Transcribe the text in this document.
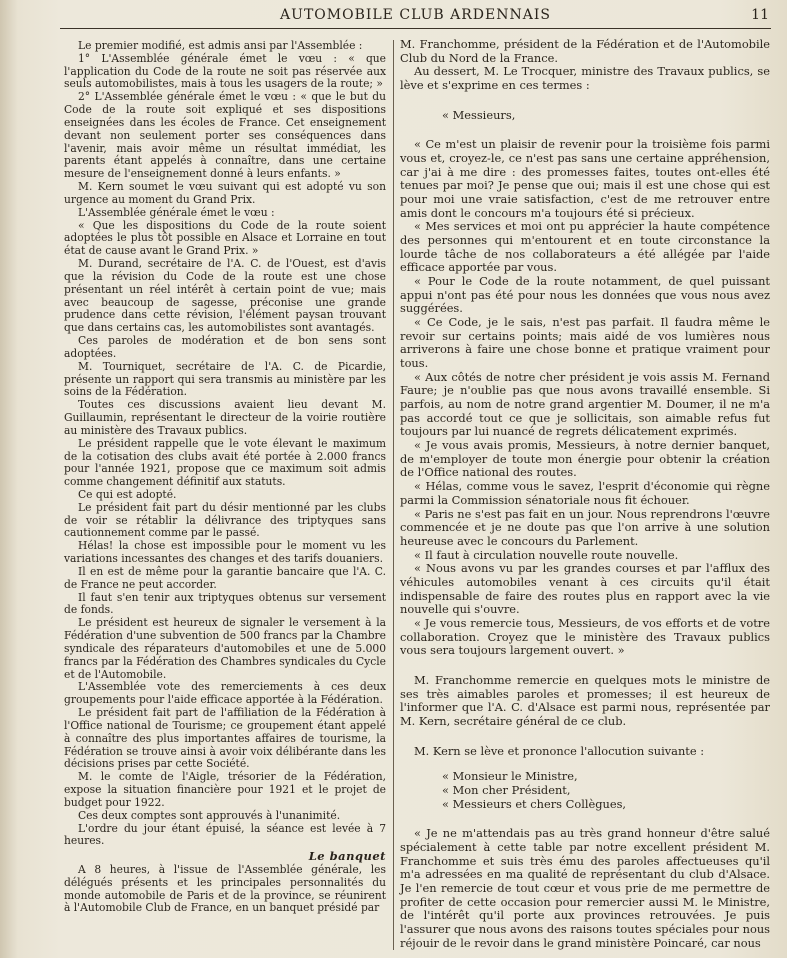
AUTOMOBILE CLUB ARDENNAIS	11

Le premier modifié, est admis ansi par l'Assemblée :

1° L'Assemblée générale émet le vœu : « que l'application du Code de la route ne soit pas réservée aux seuls automobilistes, mais à tous les usagers de la route; »

2° L'Assemblée générale émet le vœu : « que le but du Code de la route soit expliqué et ses dispositions enseignées dans les écoles de France. Cet enseignement devant non seulement porter ses conséquences dans l'avenir, mais avoir même un résultat immédiat, les parents étant appelés à connaître, dans une certaine mesure de l'enseignement donné à leurs enfants. »

M. Kern soumet le vœu suivant qui est adopté vu son urgence au moment du Grand Prix.

L'Assemblée générale émet le vœu :

« Que les dispositions du Code de la route soient adoptées le plus tôt possible en Alsace et Lorraine en tout état de cause avant le Grand Prix. »

M. Durand, secrétaire de l'A. C. de l'Ouest, est d'avis que la révision du Code de la route est une chose présentant un réel intérêt à certain point de vue; mais avec beaucoup de sagesse, préconise une grande prudence dans cette révision, l'élément paysan trouvant que dans certains cas, les automobilistes sont avantagés.

Ces paroles de modération et de bon sens sont adoptées.

M. Tourniquet, secrétaire de l'A. C. de Picardie, présente un rapport qui sera transmis au ministère par les soins de la Fédération.

Toutes ces discussions avaient lieu devant M. Guillaumin, représentant le directeur de la voirie routière au ministère des Travaux publics.

Le président rappelle que le vote élevant le maximum de la cotisation des clubs avait été portée à 2.000 francs pour l'année 1921, propose que ce maximum soit admis comme changement définitif aux statuts.

Ce qui est adopté.

Le président fait part du désir mentionné par les clubs de voir se rétablir la délivrance des triptyques sans cautionnement comme par le passé.

Hélas! la chose est impossible pour le moment vu les variations incessantes des changes et des tarifs douaniers.

Il en est de même pour la garantie bancaire que l'A. C. de France ne peut accorder.

Il faut s'en tenir aux triptyques obtenus sur versement de fonds.

Le président est heureux de signaler le versement à la Fédération d'une subvention de 500 francs par la Chambre syndicale des réparateurs d'automobiles et une de 5.000 francs par la Fédération des Chambres syndicales du Cycle et de l'Automobile.

L'Assemblée vote des remerciements à ces deux groupements pour l'aide efficace apportée à la Fédération.

Le président fait part de l'affiliation de la Fédération à l'Office national de Tourisme; ce groupement étant appelé à connaître des plus importantes affaires de tourisme, la Fédération se trouve ainsi à avoir voix délibérante dans les décisions prises par cette Société.

M. le comte de l'Aigle, trésorier de la Fédération, expose la situation financière pour 1921 et le projet de budget pour 1922.

Ces deux comptes sont approuvés à l'unanimité.

L'ordre du jour étant épuisé, la séance est levée à 7 heures.

Le banquet

A 8 heures, à l'issue de l'Assemblée générale, les délégués présents et les principales personnalités du monde automobile de Paris et de la province, se réunirent à l'Automobile Club de France, en un banquet présidé par

M. Franchomme, président de la Fédération et de l'Automobile Club du Nord de la France.

Au dessert, M. Le Trocquer, ministre des Travaux publics, se lève et s'exprime en ces termes :

« Messieurs,

« Ce m'est un plaisir de revenir pour la troisième fois parmi vous et, croyez-le, ce n'est pas sans une certaine appréhension, car j'ai à me dire : des promesses faites, toutes ont-elles été tenues par moi? Je pense que oui; mais il est une chose qui est pour moi une vraie satisfaction, c'est de me retrouver entre amis dont le concours m'a toujours été si précieux.

« Mes services et moi ont pu apprécier la haute compétence des personnes qui m'entourent et en toute circonstance la lourde tâche de nos collaborateurs a été allégée par l'aide efficace apportée par vous.

« Pour le Code de la route notamment, de quel puissant appui n'ont pas été pour nous les données que vous nous avez suggérées.

« Ce Code, je le sais, n'est pas parfait. Il faudra même le revoir sur certains points; mais aidé de vos lumières nous arriverons à faire une chose bonne et pratique vraiment pour tous.

« Aux côtés de notre cher président je vois assis M. Fernand Faure; je n'oublie pas que nous avons travaillé ensemble. Si parfois, au nom de notre grand argentier M. Doumer, il ne m'a pas accordé tout ce que je sollicitais, son aimable refus fut toujours par lui nuancé de regrets délicatement exprimés.

« Je vous avais promis, Messieurs, à notre dernier banquet, de m'employer de toute mon énergie pour obtenir la création de l'Office national des routes.

« Hélas, comme vous le savez, l'esprit d'économie qui règne parmi la Commission sénatoriale nous fit échouer.

« Paris ne s'est pas fait en un jour. Nous reprendrons l'œuvre commencée et je ne doute pas que l'on arrive à une solution heureuse avec le concours du Parlement.

« Il faut à circulation nouvelle route nouvelle.

« Nous avons vu par les grandes courses et par l'afflux des véhicules automobiles venant à ces circuits qu'il était indispensable de faire des routes plus en rapport avec la vie nouvelle qui s'ouvre.

« Je vous remercie tous, Messieurs, de vos efforts et de votre collaboration. Croyez que le ministère des Travaux publics vous sera toujours largement ouvert. »

M. Franchomme remercie en quelques mots le ministre de ses très aimables paroles et promesses; il est heureux de l'informer que l'A. C. d'Alsace est parmi nous, représentée par M. Kern, secrétaire général de ce club.

M. Kern se lève et prononce l'allocution suivante :

« Monsieur le Ministre,

« Mon cher Président,

« Messieurs et chers Collègues,

« Je ne m'attendais pas au très grand honneur d'être salué spécialement à cette table par notre excellent président M. Franchomme et suis très ému des paroles affectueuses qu'il m'a adressées en ma qualité de représentant du club d'Alsace. Je l'en remercie de tout cœur et vous prie de me permettre de profiter de cette occasion pour remercier aussi M. le Ministre, de l'intérêt qu'il porte aux provinces retrouvées. Je puis l'assurer que nous avons des raisons toutes spéciales pour nous réjouir de le revoir dans le grand ministère Poincaré, car nous
